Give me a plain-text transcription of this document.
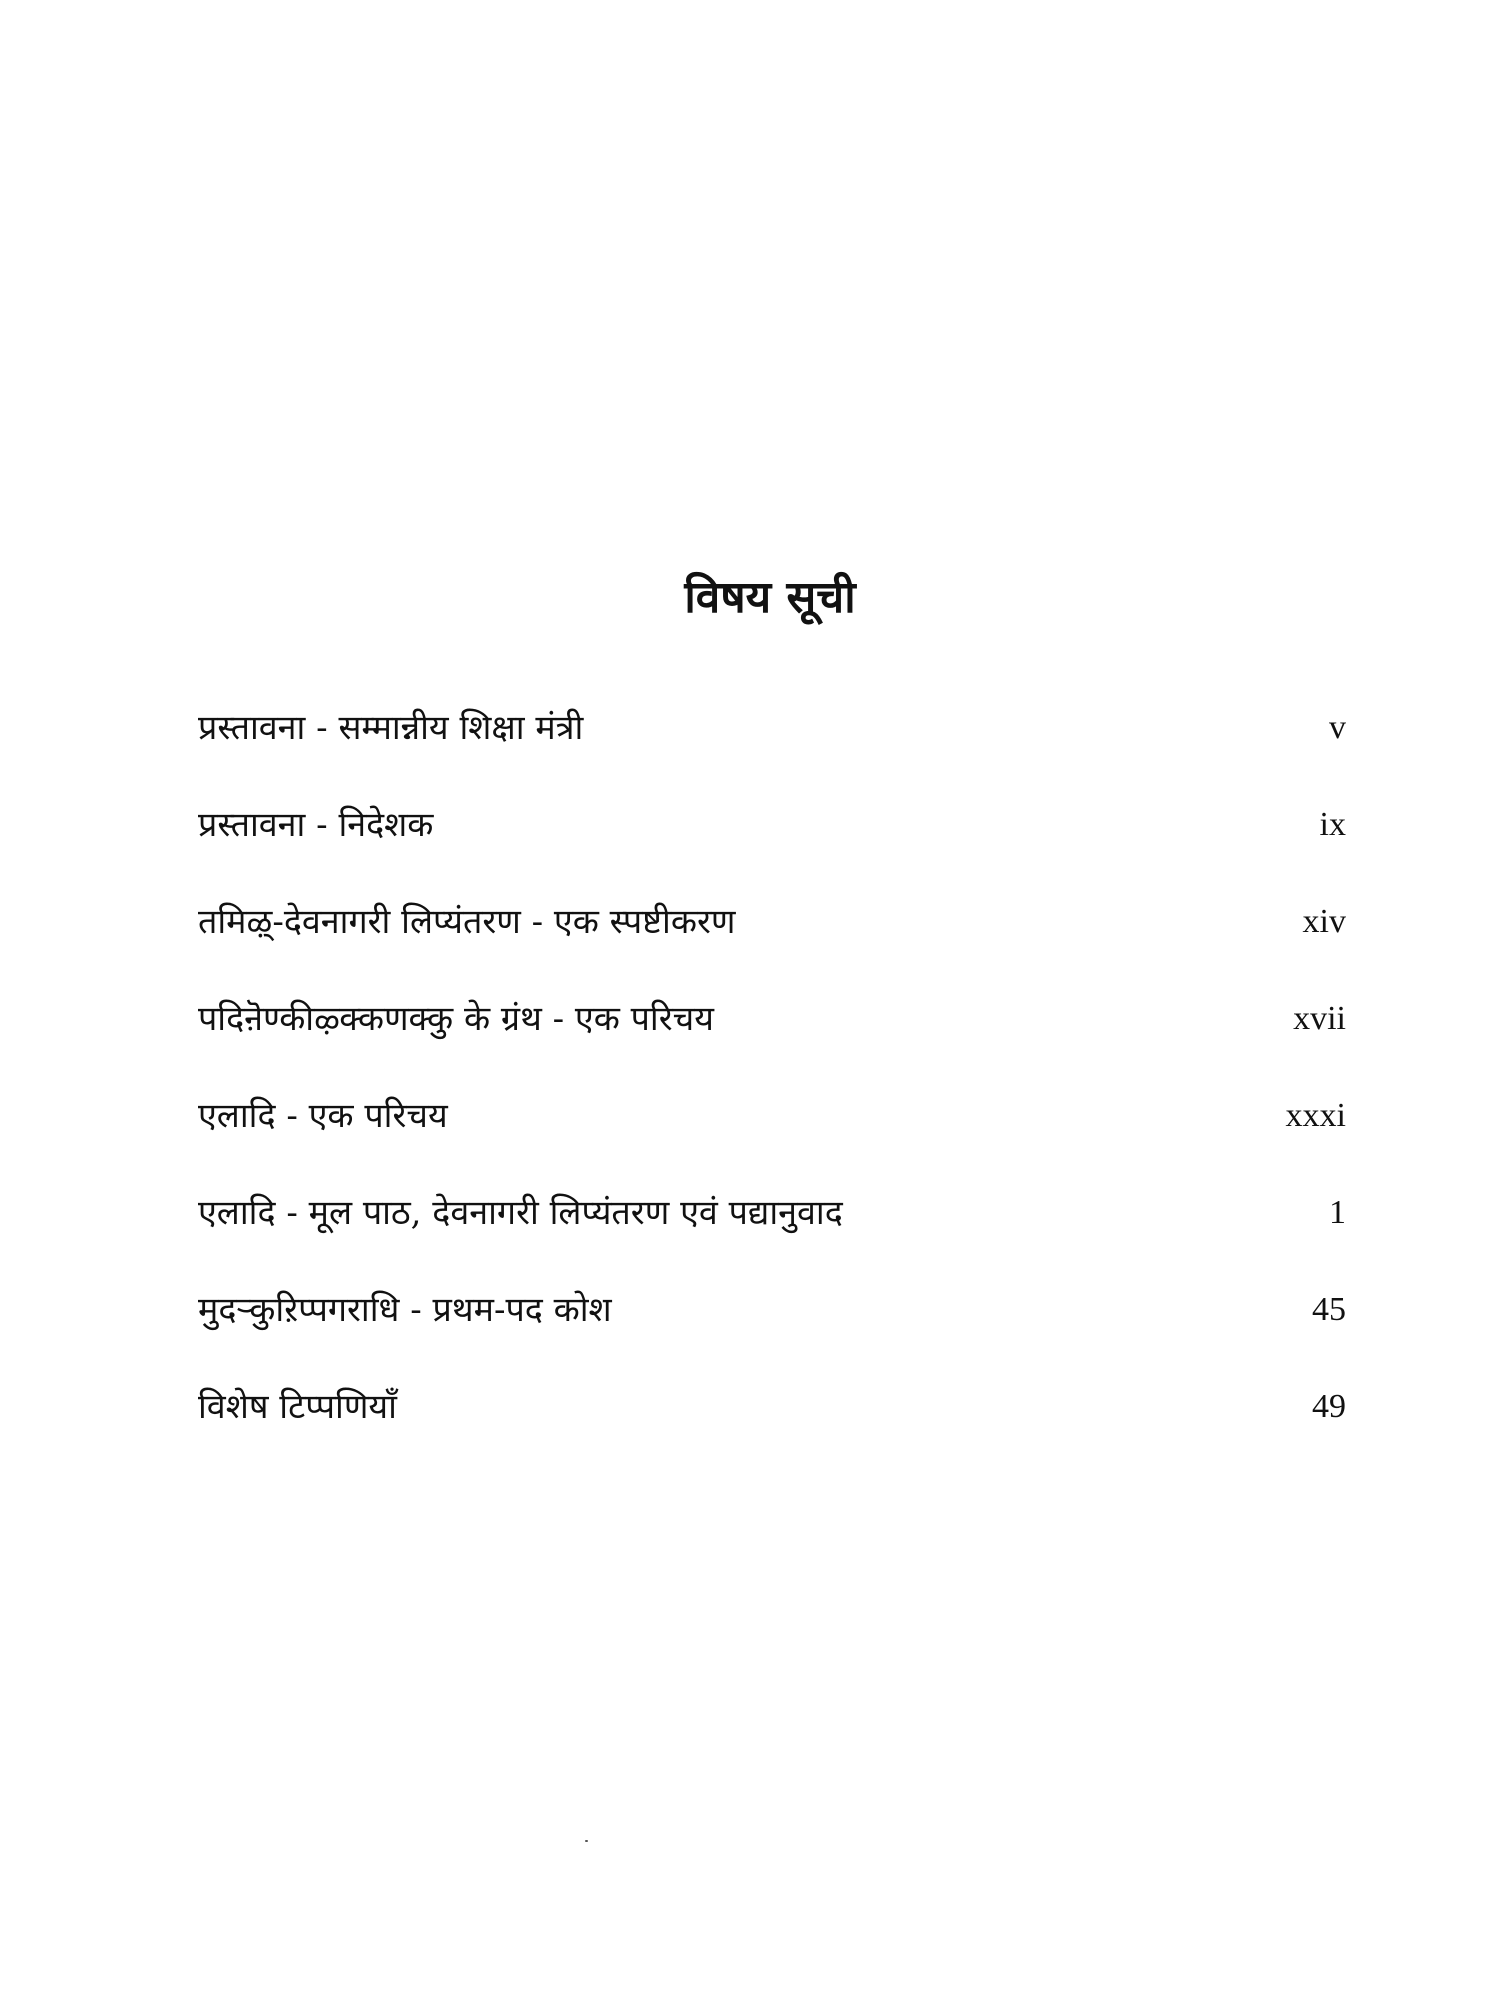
विषय सूची
प्रस्तावना - सम्मान्नीय शिक्षा मंत्री	v
प्रस्तावना - निदेशक	ix
तमिऴ्-देवनागरी लिप्यंतरण - एक स्पष्टीकरण	xiv
पदिऩॆण्कीऴ्क्कणक्कु के ग्रंथ - एक परिचय	xvii
एलादि - एक परिचय	xxxi
एलादि - मूल पाठ, देवनागरी लिप्यंतरण एवं पद्यानुवाद	1
मुदऱ्कुऱिप्पगराधि - प्रथम-पद कोश	45
विशेष टिप्पणियाँ	49
